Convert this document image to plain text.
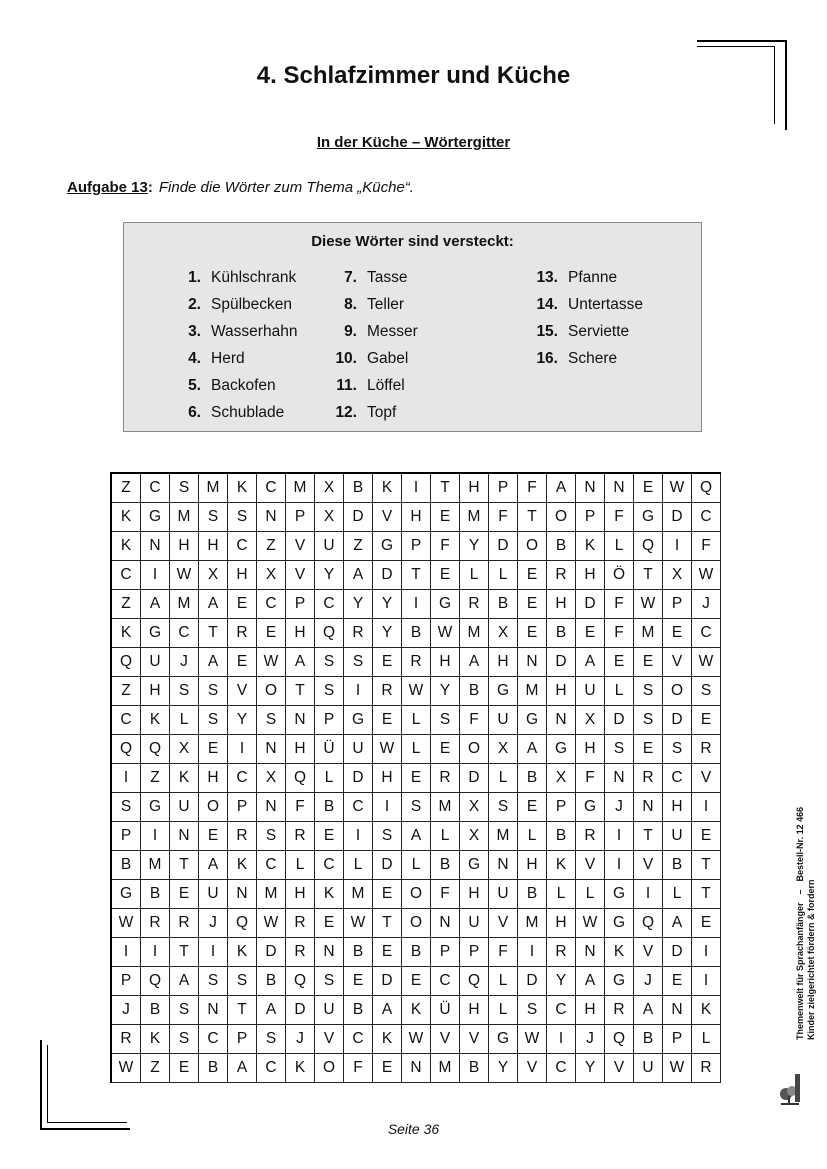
4. Schlafzimmer und Küche
In der Küche – Wörtergitter
Aufgabe 13: Finde die Wörter zum Thema „Küche“.
Diese Wörter sind versteckt:
1. Kühlschrank
2. Spülbecken
3. Wasserhahn
4. Herd
5. Backofen
6. Schublade
7. Tasse
8. Teller
9. Messer
10. Gabel
11. Löffel
12. Topf
13. Pfanne
14. Untertasse
15. Serviette
16. Schere
Z	C	S	M	K	C	M	X	B	K	I	T	H	P	F	A	N	N	E	W	Q
K	G	M	S	S	N	P	X	D	V	H	E	M	F	T	O	P	F	G	D	C
K	N	H	H	C	Z	V	U	Z	G	P	F	Y	D	O	B	K	L	Q	I	F
C	I	W	X	H	X	V	Y	A	D	T	E	L	L	E	R	H	Ö	T	X	W
Z	A	M	A	E	C	P	C	Y	Y	I	G	R	B	E	H	D	F	W	P	J
K	G	C	T	R	E	H	Q	R	Y	B	W	M	X	E	B	E	F	M	E	C
Q	U	J	A	E	W	A	S	S	E	R	H	A	H	N	D	A	E	E	V	W
Z	H	S	S	V	O	T	S	I	R	W	Y	B	G	M	H	U	L	S	O	S
C	K	L	S	Y	S	N	P	G	E	L	S	F	U	G	N	X	D	S	D	E
Q	Q	X	E	I	N	H	Ü	U	W	L	E	O	X	A	G	H	S	E	S	R
I	Z	K	H	C	X	Q	L	D	H	E	R	D	L	B	X	F	N	R	C	V
S	G	U	O	P	N	F	B	C	I	S	M	X	S	E	P	G	J	N	H	I
P	I	N	E	R	S	R	E	I	S	A	L	X	M	L	B	R	I	T	U	E
B	M	T	A	K	C	L	C	L	D	L	B	G	N	H	K	V	I	V	B	T
G	B	E	U	N	M	H	K	M	E	O	F	H	U	B	L	L	G	I	L	T
W	R	R	J	Q	W	R	E	W	T	O	N	U	V	M	H	W	G	Q	A	E
I	I	T	I	K	D	R	N	B	E	B	P	P	F	I	R	N	K	V	D	I
P	Q	A	S	S	B	Q	S	E	D	E	C	Q	L	D	Y	A	G	J	E	I
J	B	S	N	T	A	D	U	B	A	K	Ü	H	L	S	C	H	R	A	N	K
R	K	S	C	P	S	J	V	C	K	W	V	V	G	W	I	J	Q	B	P	L
W	Z	E	B	A	C	K	O	F	E	N	M	B	Y	V	C	Y	V	U	W	R
Themenwelt für Sprachanfänger–Bestell-Nr. 12 466
Kinder zielgerichtet fördern & fordern
Seite 36
